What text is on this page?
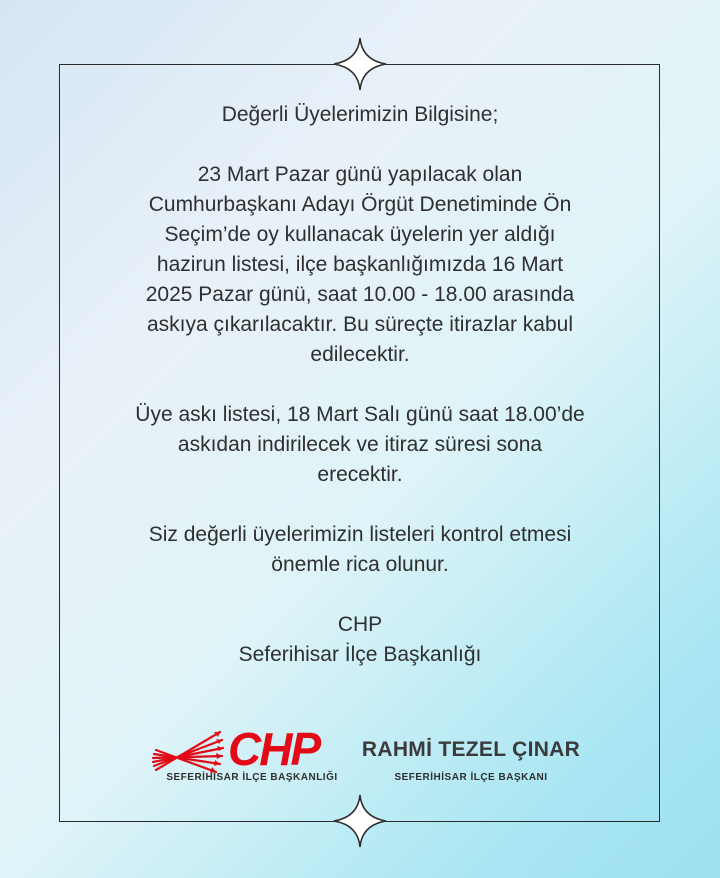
Değerli Üyelerimizin Bilgisine;

23 Mart Pazar günü yapılacak olan
Cumhurbaşkanı Adayı Örgüt Denetiminde Ön
Seçim’de oy kullanacak üyelerin yer aldığı
hazirun listesi, ilçe başkanlığımızda 16 Mart
2025 Pazar günü, saat 10.00 - 18.00 arasında
askıya çıkarılacaktır. Bu süreçte itirazlar kabul
edilecektir.

Üye askı listesi, 18 Mart Salı günü saat 18.00’de
askıdan indirilecek ve itiraz süresi sona
erecektir.

Siz değerli üyelerimizin listeleri kontrol etmesi
önemle rica olunur.

CHP
Seferihisar İlçe Başkanlığı

CHP
SEFERİHİSAR İLÇE BAŞKANLIĞI
RAHMİ TEZEL ÇINAR
SEFERİHİSAR İLÇE BAŞKANI
